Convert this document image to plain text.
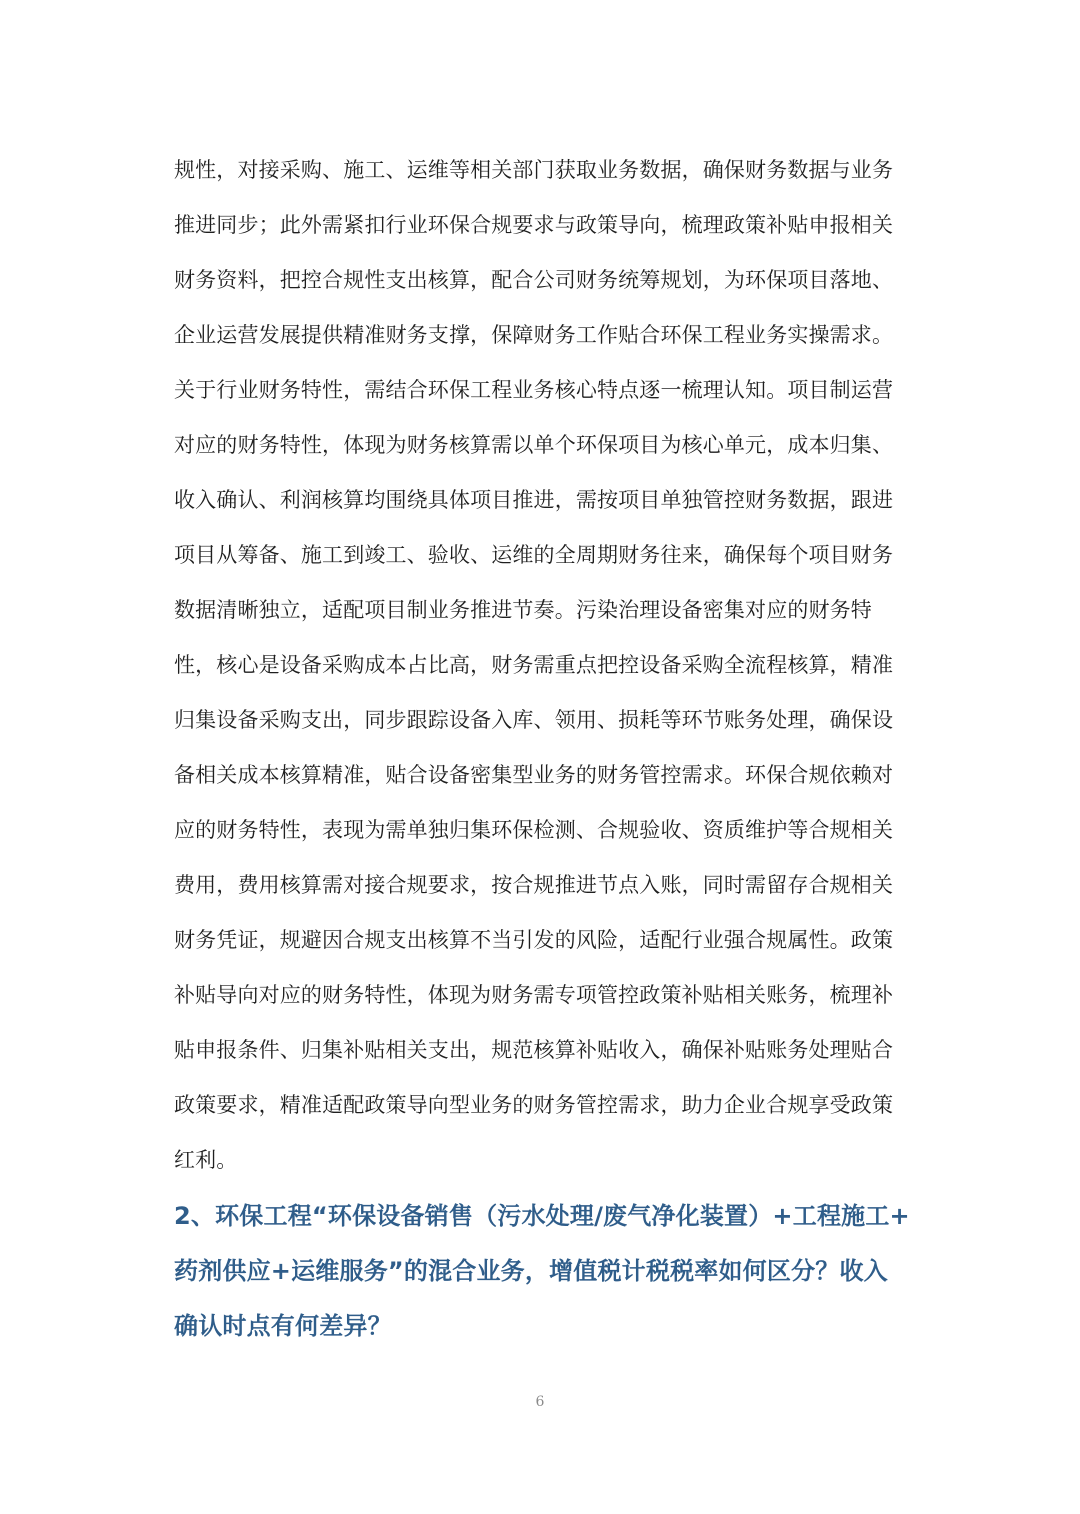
规性，对接采购、施工、运维等相关部门获取业务数据，确保财务数据与业务
推进同步；此外需紧扣行业环保合规要求与政策导向，梳理政策补贴申报相关
财务资料，把控合规性支出核算，配合公司财务统筹规划，为环保项目落地、
企业运营发展提供精准财务支撑，保障财务工作贴合环保工程业务实操需求。
关于行业财务特性，需结合环保工程业务核心特点逐一梳理认知。项目制运营
对应的财务特性，体现为财务核算需以单个环保项目为核心单元，成本归集、
收入确认、利润核算均围绕具体项目推进，需按项目单独管控财务数据，跟进
项目从筹备、施工到竣工、验收、运维的全周期财务往来，确保每个项目财务
数据清晰独立，适配项目制业务推进节奏。污染治理设备密集对应的财务特
性，核心是设备采购成本占比高，财务需重点把控设备采购全流程核算，精准
归集设备采购支出，同步跟踪设备入库、领用、损耗等环节账务处理，确保设
备相关成本核算精准，贴合设备密集型业务的财务管控需求。环保合规依赖对
应的财务特性，表现为需单独归集环保检测、合规验收、资质维护等合规相关
费用，费用核算需对接合规要求，按合规推进节点入账，同时需留存合规相关
财务凭证，规避因合规支出核算不当引发的风险，适配行业强合规属性。政策
补贴导向对应的财务特性，体现为财务需专项管控政策补贴相关账务，梳理补
贴申报条件、归集补贴相关支出，规范核算补贴收入，确保补贴账务处理贴合
政策要求，精准适配政策导向型业务的财务管控需求，助力企业合规享受政策
红利。
2、环保工程“环保设备销售（污水处理/废气净化装置）+工程施工+
药剂供应+运维服务”的混合业务，增值税计税税率如何区分？收入
确认时点有何差异？
6
